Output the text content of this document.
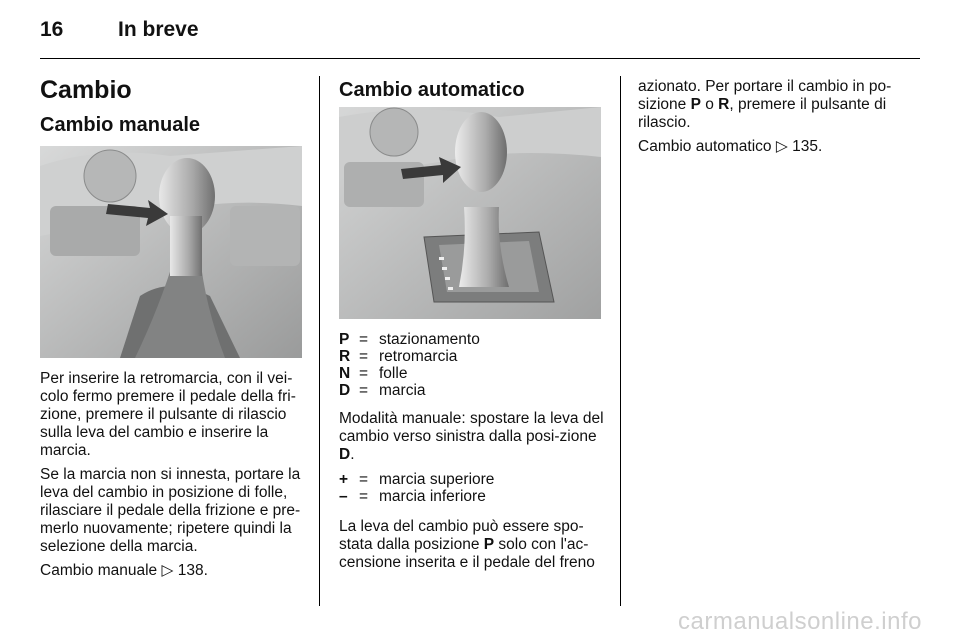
16	In breve
Cambio
Cambio manuale

Per inserire la retromarcia, con il vei-colo fermo premere il pedale della fri-zione, premere il pulsante di rilascio sulla leva del cambio e inserire la marcia.

Se la marcia non si innesta, portare la leva del cambio in posizione di folle, rilasciare il pedale della frizione e pre-merlo nuovamente; ripetere quindi la selezione della marcia.

Cambio manuale ▷ 138.

Cambio automatico
P = stazionamento
R = retromarcia
N = folle
D = marcia

Modalità manuale: spostare la leva del cambio verso sinistra dalla posi-zione D.

+ = marcia superiore
– = marcia inferiore

La leva del cambio può essere spo-stata dalla posizione P solo con l'ac-censione inserita e il pedale del freno

azionato. Per portare il cambio in po-sizione P o R, premere il pulsante di rilascio.

Cambio automatico ▷ 135.

carmanualsonline.info
